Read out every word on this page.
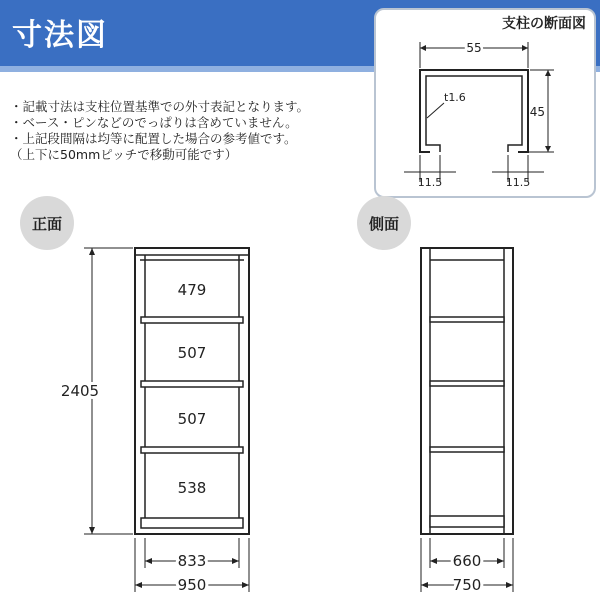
寸法図	支柱の断面図
55
45
t1.6
11.5	11.5
・記載寸法は支柱位置基準での外寸表記となります。
・ベース・ピンなどのでっぱりは含めていません。
・上記段間隔は均等に配置した場合の参考値です。
（上下に50mmピッチで移動可能です）
正面	側面
479
507
507
538
2405
833
950
660
750
